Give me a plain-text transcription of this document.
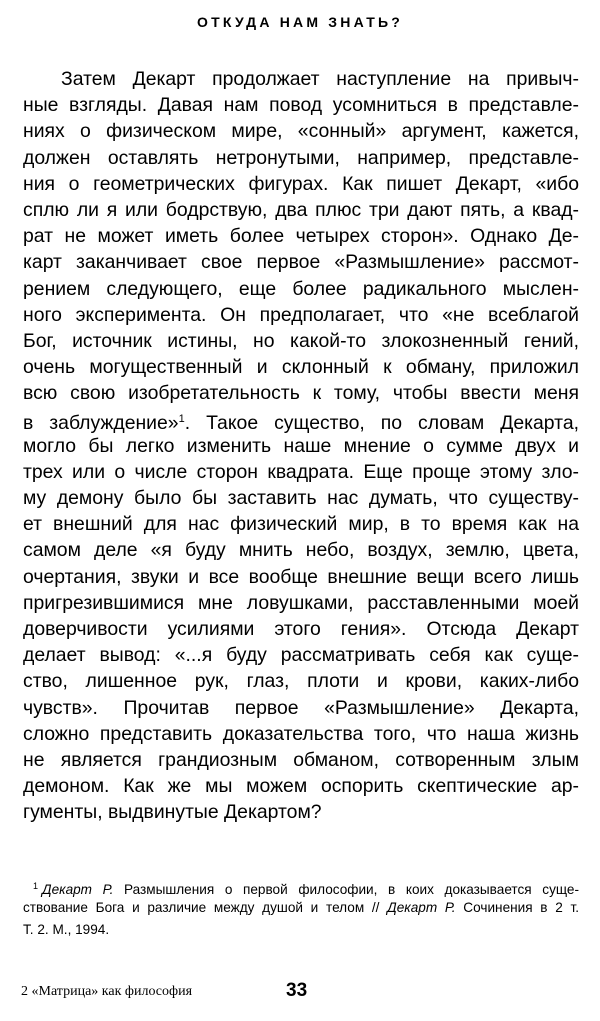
ОТКУДА НАМ ЗНАТЬ?
Затем Декарт продолжает наступление на привыч-
ные взгляды. Давая нам повод усомниться в представле-
ниях о физическом мире, «сонный» аргумент, кажется,
должен оставлять нетронутыми, например, представле-
ния о геометрических фигурах. Как пишет Декарт, «ибо
сплю ли я или бодрствую, два плюс три дают пять, а квад-
рат не может иметь более четырех сторон». Однако Де-
карт заканчивает свое первое «Размышление» рассмот-
рением следующего, еще более радикального мыслен-
ного эксперимента. Он предполагает, что «не всеблагой
Бог, источник истины, но какой-то злокозненный гений,
очень могущественный и склонный к обману, приложил
всю свою изобретательность к тому, чтобы ввести меня
в заблуждение»$^1$. Такое существо, по словам Декарта,
могло бы легко изменить наше мнение о сумме двух и
трех или о числе сторон квадрата. Еще проще этому зло-
му демону было бы заставить нас думать, что существу-
ет внешний для нас физический мир, в то время как на
самом деле «я буду мнить небо, воздух, землю, цвета,
очертания, звуки и все вообще внешние вещи всего лишь
пригрезившимися мне ловушками, расставленными моей
доверчивости усилиями этого гения». Отсюда Декарт
делает вывод: «...я буду рассматривать себя как суще-
ство, лишенное рук, глаз, плоти и крови, каких-либо
чувств». Прочитав первое «Размышление» Декарта,
сложно представить доказательства того, что наша жизнь
не является грандиозным обманом, сотворенным злым
демоном. Как же мы можем оспорить скептические ар-
гументы, выдвинутые Декартом?
$^1$ Декарт Р. Размышления о первой философии, в коих доказывается суще-
ствование Бога и различие между душой и телом // Декарт Р. Сочинения в 2 т.
Т. 2. М., 1994.
2 «Матрица» как философия	33
